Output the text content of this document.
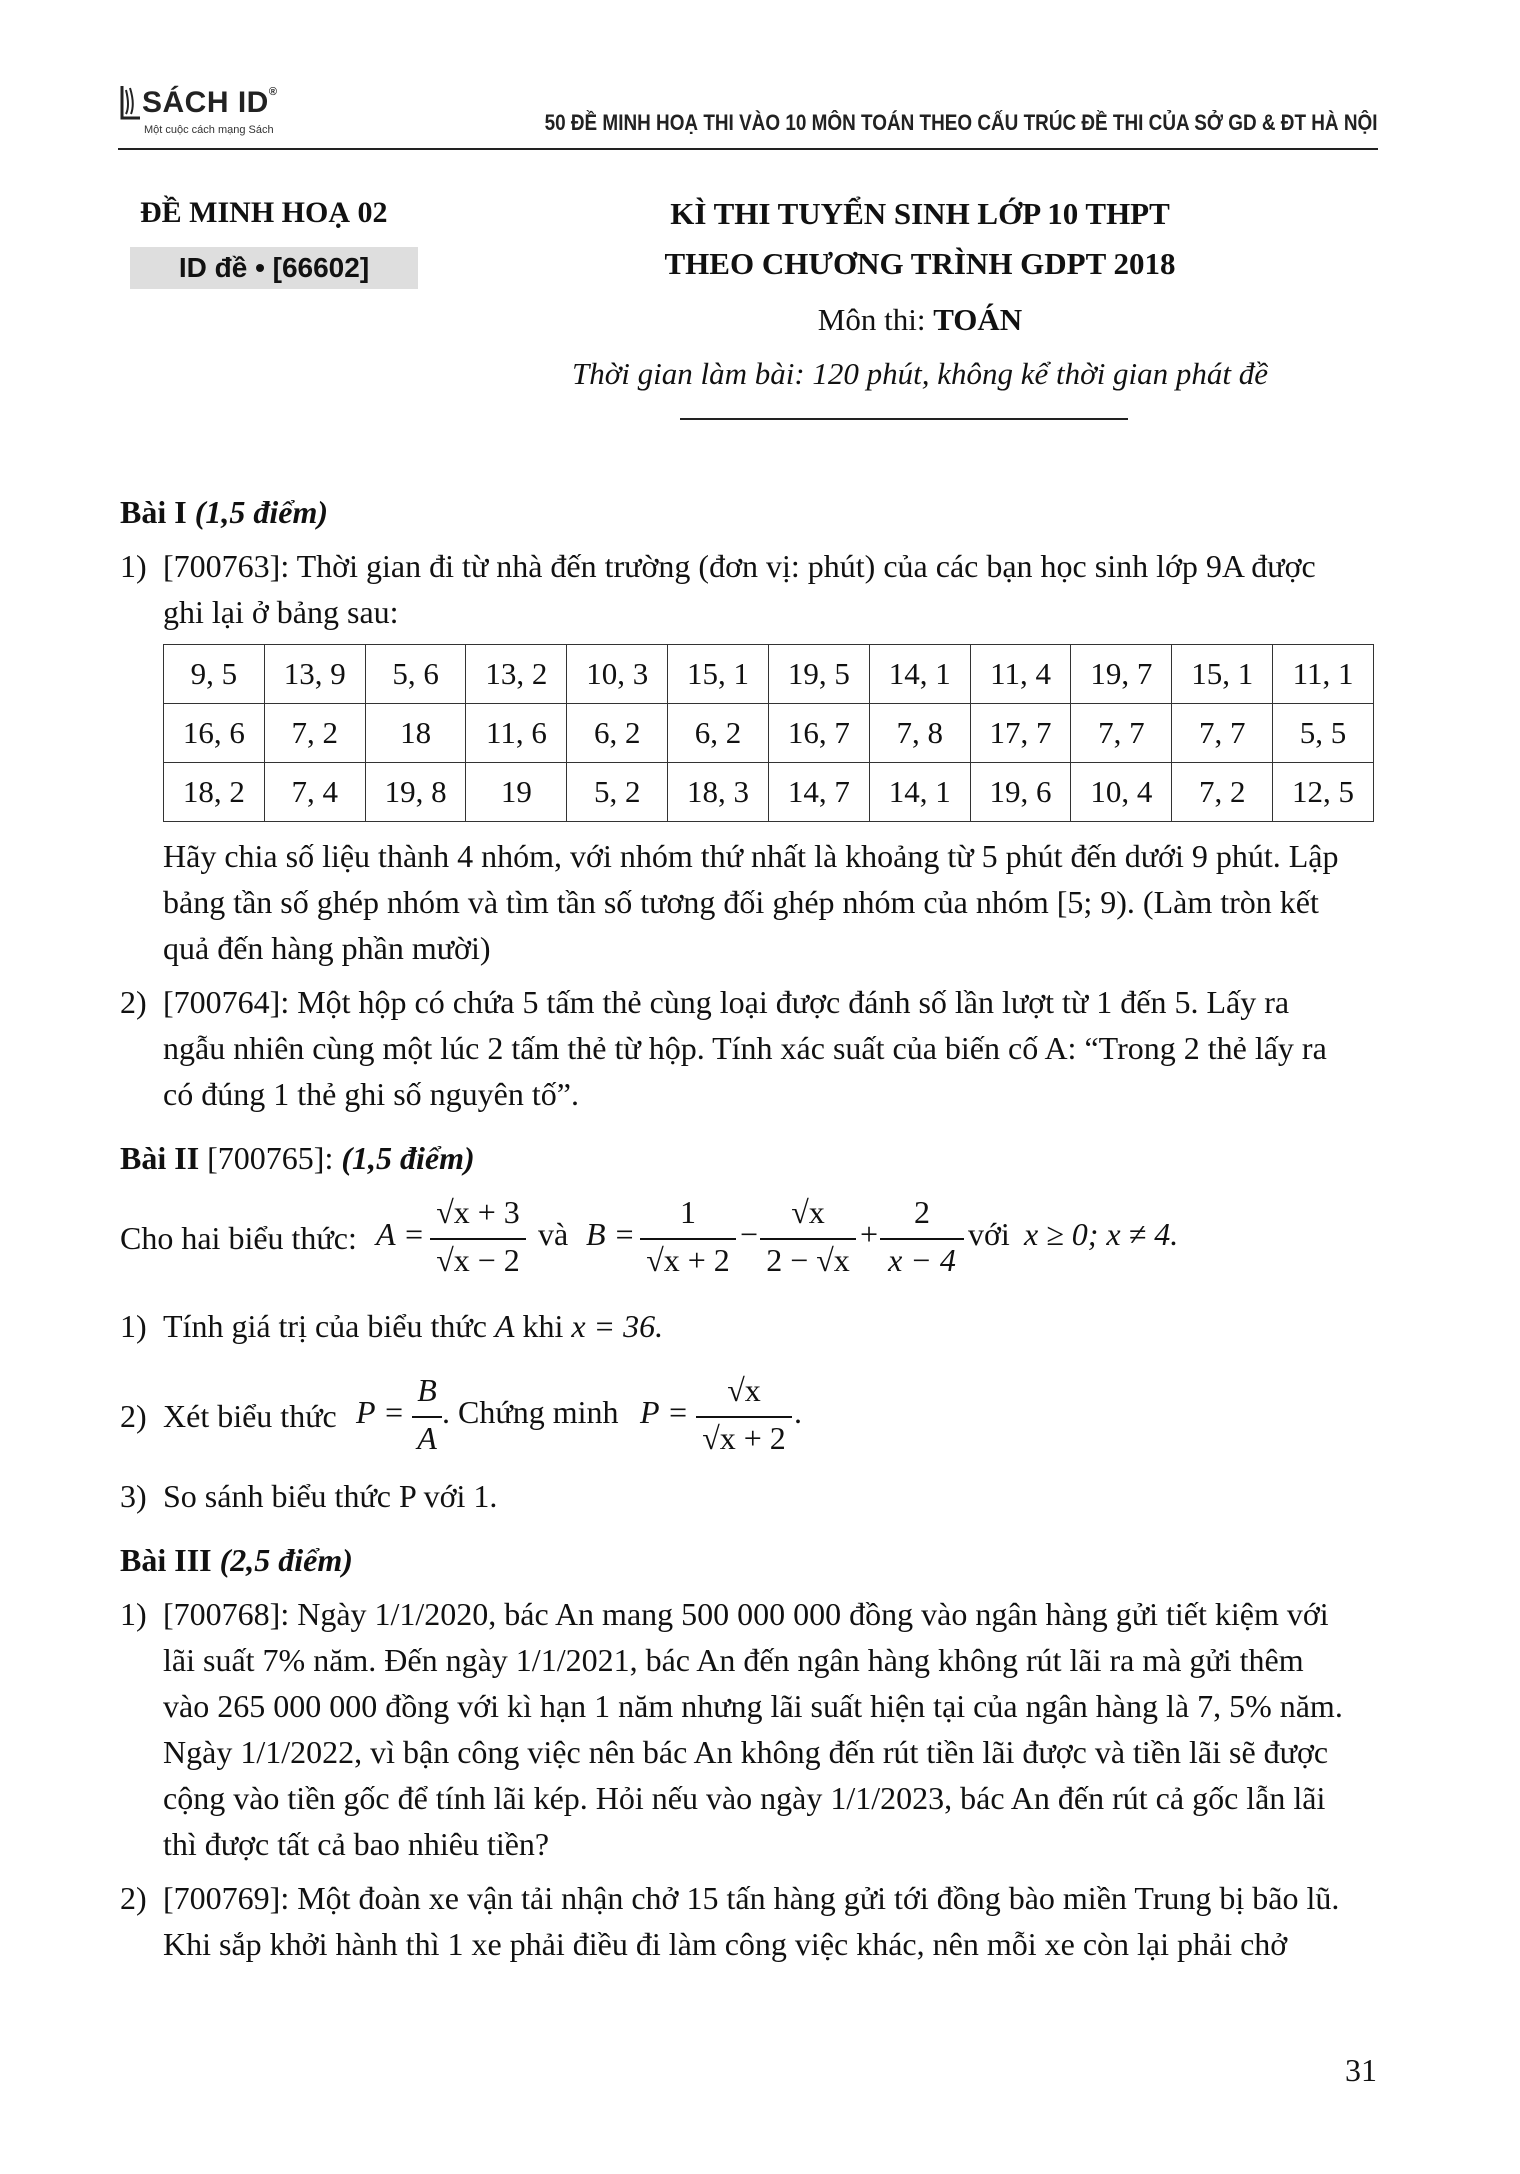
SÁCH ID®
Một cuộc cách mạng Sách	50 ĐỀ MINH HOẠ THI VÀO 10 MÔN TOÁN THEO CẤU TRÚC ĐỀ THI CỦA SỞ GD & ĐT HÀ NỘI
ĐỀ MINH HOẠ 02
ID đề • [66602]
KÌ THI TUYỂN SINH LỚP 10 THPT
THEO CHƯƠNG TRÌNH GDPT 2018
Môn thi: TOÁN
Thời gian làm bài: 120 phút, không kể thời gian phát đề
Bài I (1,5 điểm)
1) [700763]: Thời gian đi từ nhà đến trường (đơn vị: phút) của các bạn học sinh lớp 9A được
ghi lại ở bảng sau:
9, 5	13, 9	5, 6	13, 2	10, 3	15, 1	19, 5	14, 1	11, 4	19, 7	15, 1	11, 1
16, 6	7, 2	18	11, 6	6, 2	6, 2	16, 7	7, 8	17, 7	7, 7	7, 7	5, 5
18, 2	7, 4	19, 8	19	5, 2	18, 3	14, 7	14, 1	19, 6	10, 4	7, 2	12, 5
Hãy chia số liệu thành 4 nhóm, với nhóm thứ nhất là khoảng từ 5 phút đến dưới 9 phút. Lập
bảng tần số ghép nhóm và tìm tần số tương đối ghép nhóm của nhóm [5; 9). (Làm tròn kết
quả đến hàng phần mười)
2) [700764]: Một hộp có chứa 5 tấm thẻ cùng loại được đánh số lần lượt từ 1 đến 5. Lấy ra
ngẫu nhiên cùng một lúc 2 tấm thẻ từ hộp. Tính xác suất của biến cố A: “Trong 2 thẻ lấy ra
có đúng 1 thẻ ghi số nguyên tố”.
Bài II [700765]: (1,5 điểm)
Cho hai biểu thức: A =
√x + 3
√x − 2
và B =
1
√x + 2
−
√x
2 − √x
+
2
x − 4
với x ≥ 0; x ≠ 4.
1) Tính giá trị của biểu thức A khi x = 36.
2) Xét biểu thức P =
B
A
. Chứng minh P =
√x
√x + 2
.
3) So sánh biểu thức P với 1.
Bài III (2,5 điểm)
1) [700768]: Ngày 1/1/2020, bác An mang 500 000 000 đồng vào ngân hàng gửi tiết kiệm với
lãi suất 7% năm. Đến ngày 1/1/2021, bác An đến ngân hàng không rút lãi ra mà gửi thêm
vào 265 000 000 đồng với kì hạn 1 năm nhưng lãi suất hiện tại của ngân hàng là 7, 5% năm.
Ngày 1/1/2022, vì bận công việc nên bác An không đến rút tiền lãi được và tiền lãi sẽ được
cộng vào tiền gốc để tính lãi kép. Hỏi nếu vào ngày 1/1/2023, bác An đến rút cả gốc lẫn lãi
thì được tất cả bao nhiêu tiền?
2) [700769]: Một đoàn xe vận tải nhận chở 15 tấn hàng gửi tới đồng bào miền Trung bị bão lũ.
Khi sắp khởi hành thì 1 xe phải điều đi làm công việc khác, nên mỗi xe còn lại phải chở
31
